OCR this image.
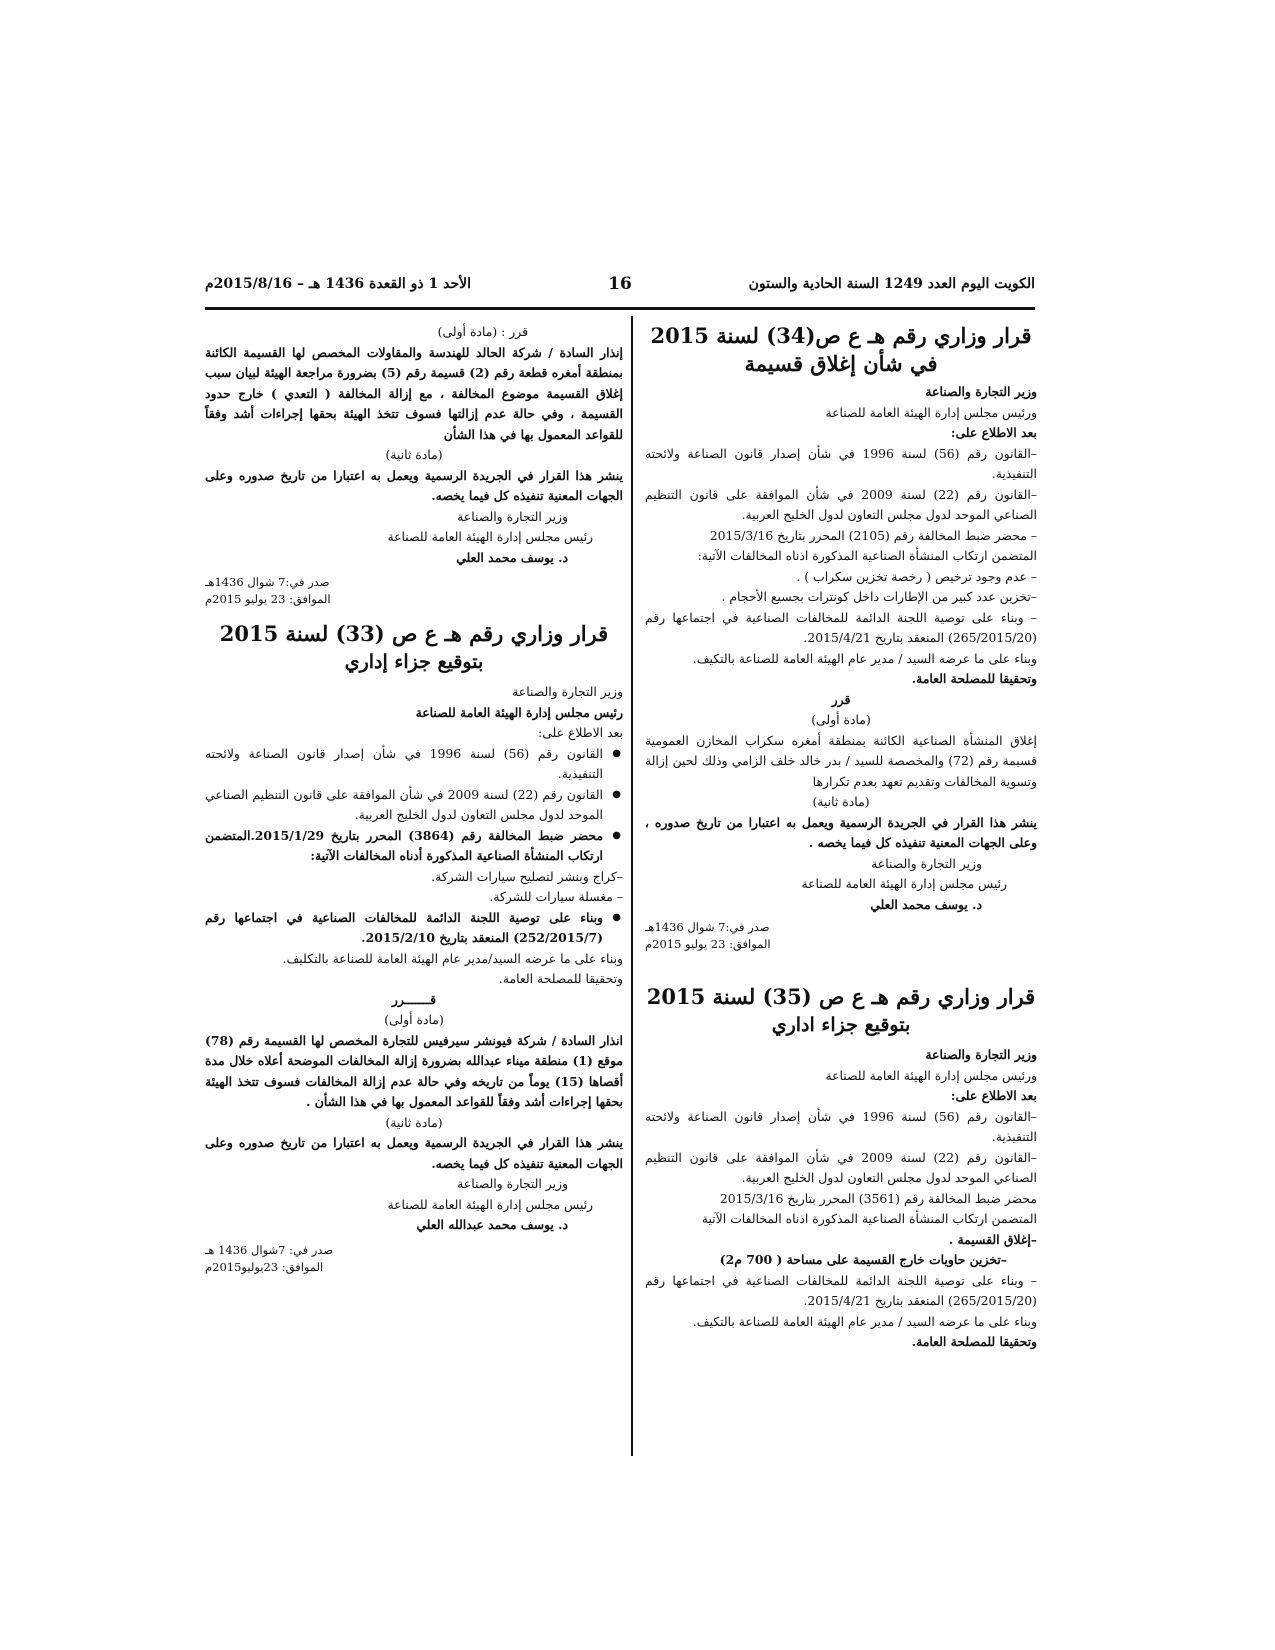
الكويت اليوم العدد 1249 السنة الحادية والستون
16
الأحد 1 ذو القعدة 1436 هـ – 2015/8/16م
قرار وزاري رقم هـ ع ص(34) لسنة 2015
في شأن إغلاق قسيمة

وزير التجارة والصناعة

ورئيس مجلس إدارة الهيئة العامة للصناعة

بعد الاطلاع على:

–القانون رقم (56) لسنة 1996 في شأن إصدار قانون الصناعة ولائحته التنفيذية.

–القانون رقم (22) لسنة 2009 في شأن الموافقة على قانون التنظيم الصناعي الموحد لدول مجلس التعاون لدول الخليج العربية.

– محضر ضبط المخالفة رقم (2105) المحرر بتاريخ 2015/3/16

المتضمن ارتكاب المنشأة الصناعية المذكورة اذناه المخالفات الآتية:

– عدم وجود ترخيص ( رخصة تخزين سكراب ) .

–تخزين عدد كبير من الإطارات داخل كونترات بجسيع الأحجام .

– وبناء على توصية اللجنة الدائمة للمخالفات الصناعية في اجتماعها رقم (265/2015/20) المنعقد بتاريخ 2015/4/21.

وبناء على ما عرضه السيد / مدير عام الهيئة العامة للصناعة بالتكيف.

وتحقيقا للمصلحة العامة.

قرر

(مادة أولى)

إغلاق المنشأة الصناعية الكائنة بمنطقة أمغره سكراب المخازن العمومية قسيمة رقم (72) والمخصصة للسيد / بدر خالد خلف الزامي وذلك لحين إزالة وتسوية المخالفات وتقديم تعهد بعدم تكرارها

(مادة ثانية)

ينشر هذا القرار في الجريدة الرسمية ويعمل به اعتبارا من تاريخ صدوره ، وعلى الجهات المعنية تنفيذه كل فيما يخصه .

وزير التجارة والصناعة

رئيس مجلس إدارة الهيئة العامة للصناعة

د. يوسف محمد العلي

صدر في:7 شوال 1436هـ

الموافق: 23 يوليو 2015م

قرار وزاري رقم هـ ع ص (35) لسنة 2015
بتوقيع جزاء اداري

وزير التجارة والصناعة

ورئيس مجلس إدارة الهيئة العامة للصناعة

بعد الاطلاع على:

–القانون رقم (56) لسنة 1996 في شأن إصدار قانون الصناعة ولائحته التنفيذية.

–القانون رقم (22) لسنة 2009 في شأن الموافقة على قانون التنظيم الصناعي الموحد لدول مجلس التعاون لدول الخليج العربية.

محضر ضبط المخالفة رقم (3561) المحرر بتاريخ 2015/3/16

المتضمن ارتكاب المنشأة الصناعية المذكورة اذناه المخالفات الآتية

–إغلاق القسيمة .

–تخزين حاويات خارج القسيمة على مساحة ( 700 م2)

– وبناء على توصية اللجنة الدائمة للمخالفات الصناعية في اجتماعها رقم (265/2015/20) المنعقد بتاريخ 2015/4/21.

وبناء على ما عرضه السيد / مدير عام الهيئة العامة للصناعة بالتكيف.

وتحقيقا للمصلحة العامة.

قرر : (مادة أولى)

إنذار السادة / شركة الحالد للهندسة والمقاولات المخصص لها القسيمة الكائنة بمنطقة أمغره قطعة رقم (2) قسيمة رقم (5) بضرورة مراجعة الهيئة لبيان سبب إغلاق القسيمة موضوع المخالفة ، مع إزالة المخالفة ( التعدي ) خارج حدود القسيمة ، وفي حالة عدم إزالتها فسوف تتخذ الهيئة بحقها إجراءات أشد وفقاً للقواعد المعمول بها في هذا الشأن

(مادة ثانية)

ينشر هذا القرار في الجريدة الرسمية ويعمل به اعتبارا من تاريخ صدوره وعلى الجهات المعنية تنفيذه كل فيما يخصه.

وزير التجارة والصناعة

رئيس مجلس إدارة الهيئة العامة للصناعة

د. يوسف محمد العلي

صدر في:7 شوال 1436هـ

الموافق: 23 يوليو 2015م

قرار وزاري رقم هـ ع ص (33) لسنة 2015
بتوقيع جزاء إداري

وزير التجارة والصناعة

رئيس مجلس إدارة الهيئة العامة للصناعة

بعد الاطلاع على:

● القانون رقم (56) لسنة 1996 في شأن إصدار قانون الصناعة ولائحته التنفيذية.
● القانون رقم (22) لسنة 2009 في شأن الموافقة على قانون التنظيم الصناعي الموحد لدول مجلس التعاون لدول الخليج العربية.
● محضر ضبط المخالفة رقم (3864) المحرر بتاريخ 2015/1/29.المتضمن ارتكاب المنشأة الصناعية المذكورة أدناه المخالفات الآتية:

–كراج وبنشر لتصليح سيارات الشركة.

– مغسلة سيارات للشركة.

● وبناء على توصية اللجنة الدائمة للمخالفات الصناعية في اجتماعها رقم (252/2015/7) المنعقد بتاريخ 2015/2/10.

وبناء على ما عرضه السيد/مدير عام الهيئة العامة للصناعة بالتكليف.

وتحقيقا للمصلحة العامة.

قـــــــرر

(مادة أولى)

انذار السادة / شركة فيونشر سيرفيس للتجارة المخصص لها القسيمة رقم (78) موقع (1) منطقة ميناء عبدالله بضرورة إزالة المخالفات الموضحة أعلاه خلال مدة أقصاها (15) يوماً من تاريخه وفي حالة عدم إزالة المخالفات فسوف تتخذ الهيئة بحقها إجراءات أشد وفقاً للقواعد المعمول بها في هذا الشأن .

(مادة ثانية)

ينشر هذا القرار في الجريدة الرسمية ويعمل به اعتبارا من تاريخ صدوره وعلى الجهات المعنية تنفيذه كل فيما يخصه.

وزير التجارة والصناعة

رئيس مجلس إدارة الهيئة العامة للصناعة

د. يوسف محمد عبدالله العلي

صدر في: 7شوال 1436 هـ

الموافق: 23يوليو2015م
